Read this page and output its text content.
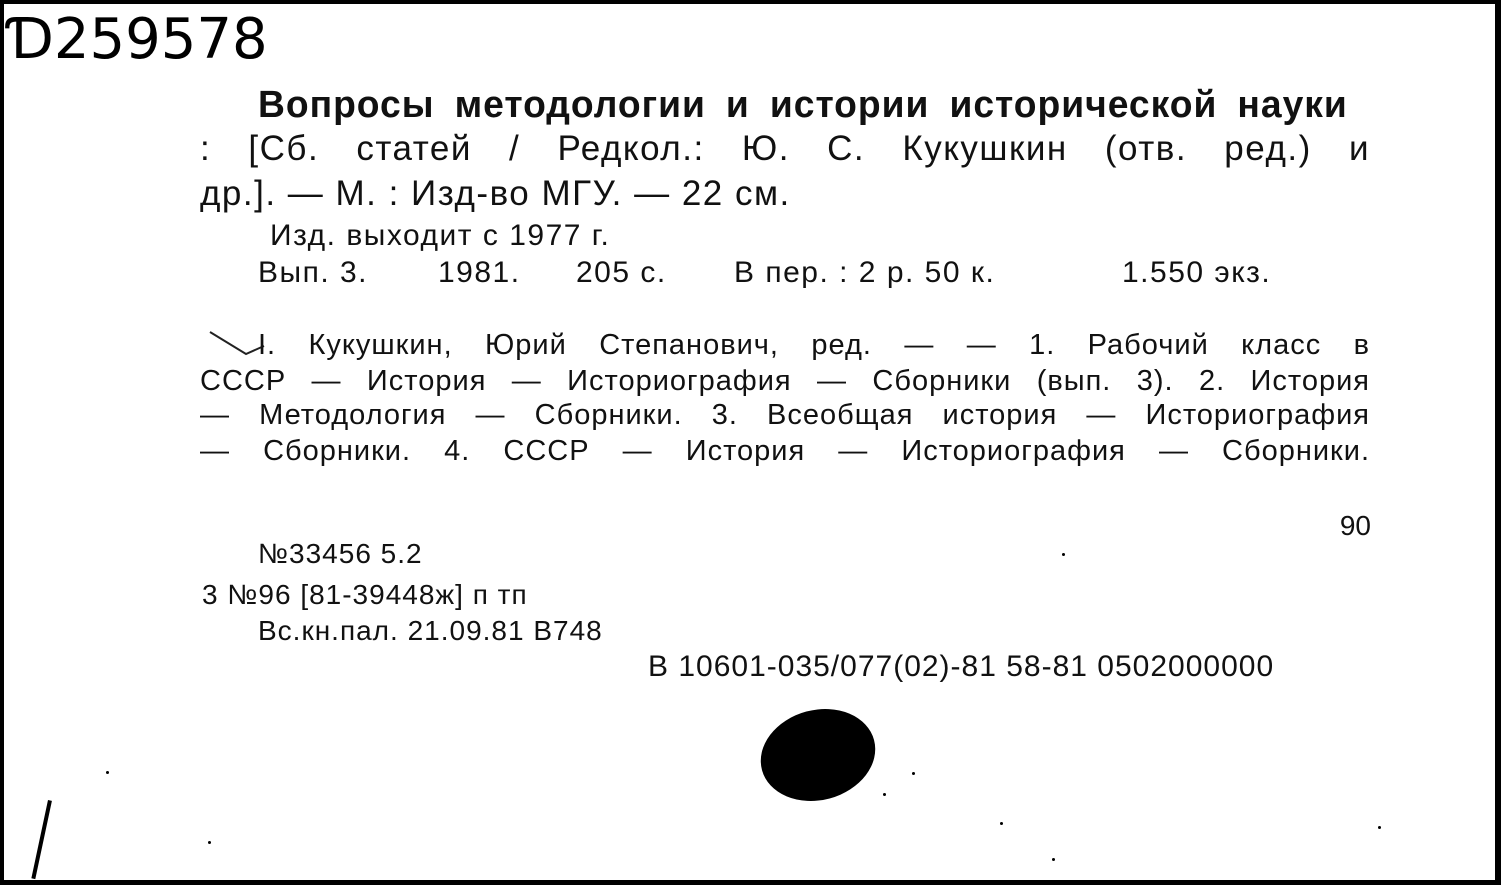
Ɗ259578
Вопросы методологии и истории исторической науки
: [Сб. статей / Редкол.: Ю. С. Кукушкин (отв. ред.) и
др.]. — М. : Изд-во МГУ. — 22 см.
Изд. выходит с 1977 г.
Вып. 3. 1981. 205 с. В пер. : 2 р. 50 к.	1.550 экз.
I. Кукушкин, Юрий Степанович, ред. — — 1. Рабочий класс в
СССР — История — Историография — Сборники (вып. 3). 2. История
— Методология — Сборники. 3. Всеобщая история — Историография
— Сборники. 4. СССР — История — Историография — Сборники.
90
№33456 5.2
3 №96 [81-39448ж] п тп
Вс.кн.пал. 21.09.81 В748
В 10601-035/077(02)-81 58-81 0502000000
